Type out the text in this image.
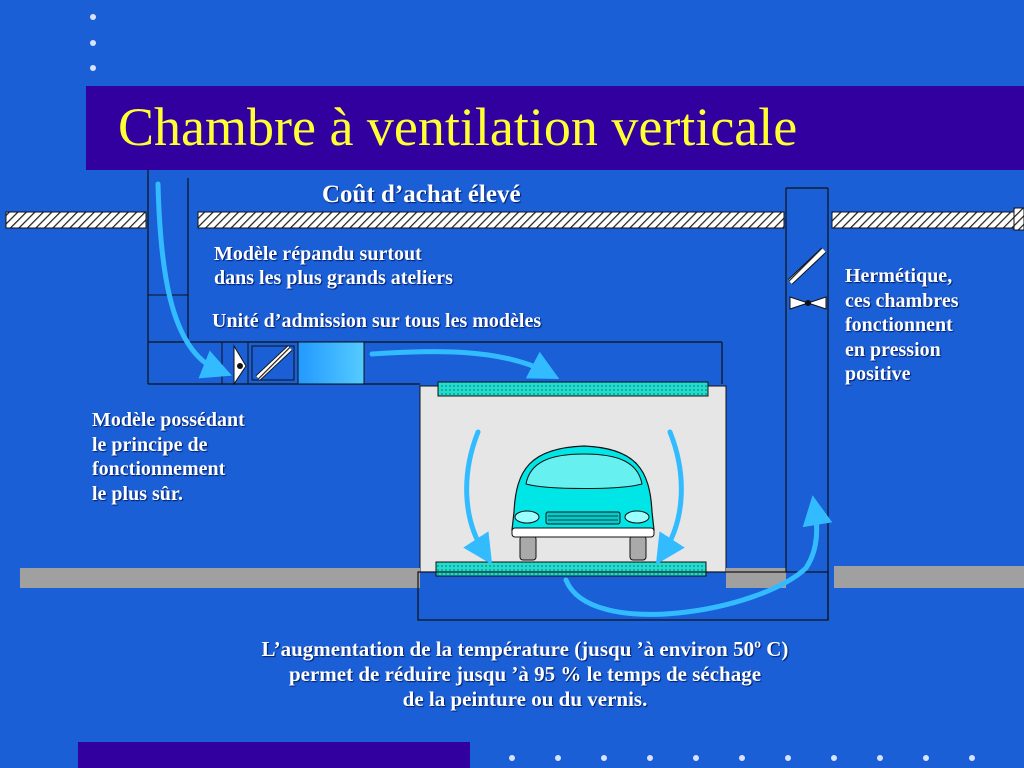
Chambre à ventilation verticale
Coût d’achat élevé
Modèle répandu surtout
dans les plus grands ateliers
Unité d’admission sur tous les modèles
Modèle possédant
le principe de
fonctionnement
le plus sûr.
Hermétique,
ces chambres
fonctionnent
en pression
positive
L’augmentation de la température (jusqu ’à environ 50º C)
permet de réduire jusqu ’à 95 % le temps de séchage
de la peinture ou du vernis.
